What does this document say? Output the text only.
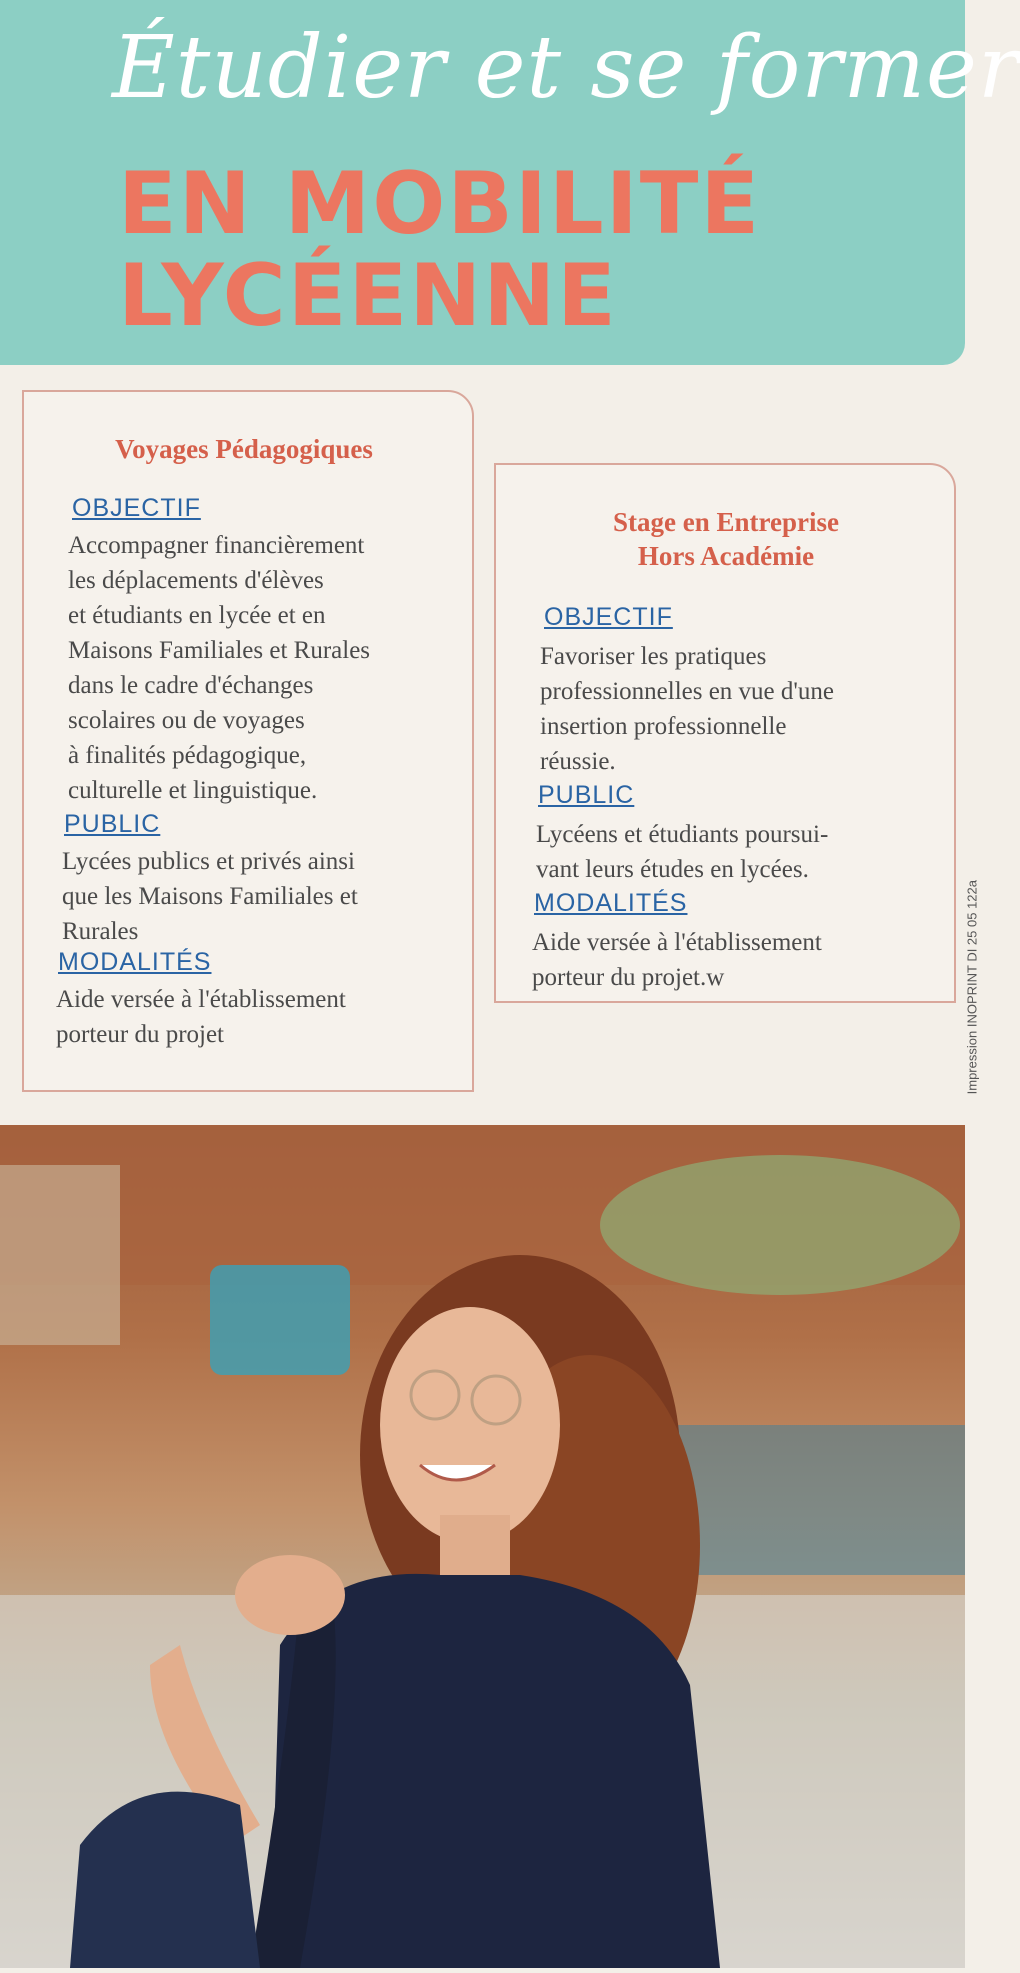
Étudier et se former
EN MOBILITÉ
LYCÉENNE
Voyages Pédagogiques
OBJECTIF
Accompagner financièrement
les déplacements d'élèves
et étudiants en lycée et en
Maisons Familiales et Rurales
dans le cadre d'échanges
scolaires ou de voyages
à finalités pédagogique,
culturelle et linguistique.
PUBLIC
Lycées publics et privés ainsi
que les Maisons Familiales et
Rurales
MODALITÉS
Aide versée à l'établissement
porteur du projet
Stage en Entreprise
Hors Académie
OBJECTIF
Favoriser les pratiques
professionnelles en vue d'une
insertion professionnelle
réussie.
PUBLIC
Lycéens et étudiants poursui-
vant leurs études en lycées.
MODALITÉS
Aide versée à l'établissement
porteur du projet.w	Impression INOPRINT DI 25 05 122a
